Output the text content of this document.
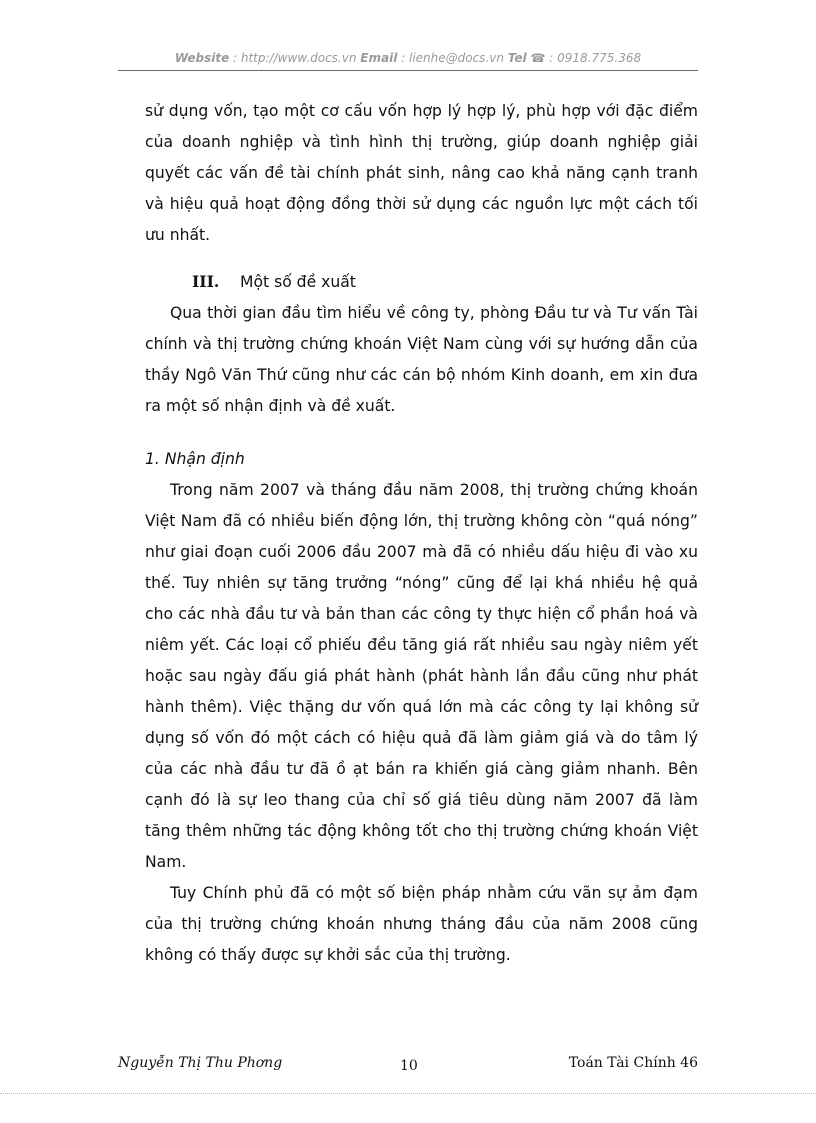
Website : http://www.docs.vn Email : lienhe@docs.vn Tel ☎ : 0918.775.368

sử dụng vốn, tạo một cơ cấu vốn hợp lý hợp lý, phù hợp với đặc điểm của doanh nghiệp và tình hình thị trường, giúp doanh nghiệp giải quyết các vấn đề tài chính phát sinh, nâng cao khả năng cạnh tranh và hiệu quả hoạt động đồng thời sử dụng các nguồn lực một cách tối ưu nhất.

III. Một số đề xuất

Qua thời gian đầu tìm hiểu về công ty, phòng Đầu tư và Tư vấn Tài chính và thị trường chứng khoán Việt Nam cùng với sự hướng dẫn của thầy Ngô Văn Thứ cũng như các cán bộ nhóm Kinh doanh, em xin đưa ra một số nhận định và đề xuất.

1. Nhận định

Trong năm 2007 và tháng đầu năm 2008, thị trường chứng khoán Việt Nam đã có nhiều biến động lớn, thị trường không còn “quá nóng” như giai đoạn cuối 2006 đầu 2007 mà đã có nhiều dấu hiệu đi vào xu thế. Tuy nhiên sự tăng trưởng “nóng” cũng để lại khá nhiều hệ quả cho các nhà đầu tư và bản than các công ty thực hiện cổ phần hoá và niêm yết. Các loại cổ phiếu đều tăng giá rất nhiều sau ngày niêm yết hoặc sau ngày đấu giá phát hành (phát hành lần đầu cũng như phát hành thêm). Việc thặng dư vốn quá lớn mà các công ty lại không sử dụng số vốn đó một cách có hiệu quả đã làm giảm giá và do tâm lý của các nhà đầu tư đã ồ ạt bán ra khiến giá càng giảm nhanh. Bên cạnh đó là sự leo thang của chỉ số giá tiêu dùng năm 2007 đã làm tăng thêm những tác động không tốt cho thị trường chứng khoán Việt Nam.

Tuy Chính phủ đã có một số biện pháp nhằm cứu vãn sự ảm đạm của thị trường chứng khoán nhưng tháng đầu của năm 2008 cũng không có thấy được sự khởi sắc của thị trường.

Nguyễn Thị Thu Phơng	10	Toán Tài Chính 46
